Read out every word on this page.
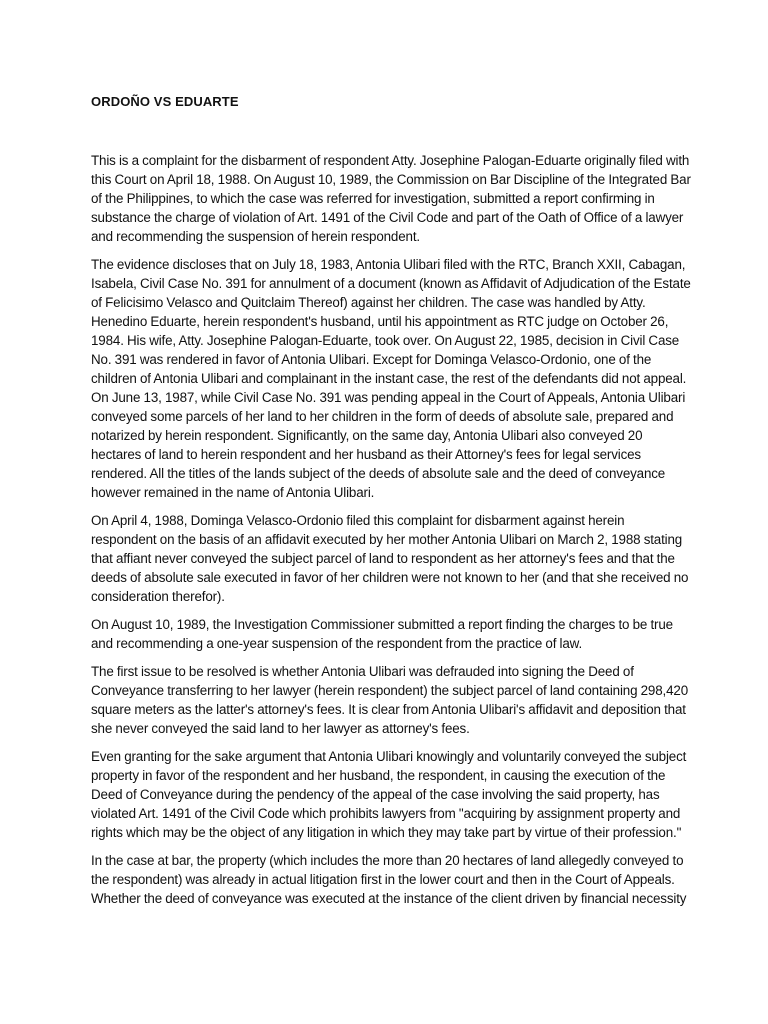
ORDOÑO VS EDUARTE

This is a complaint for the disbarment of respondent Atty. Josephine Palogan-Eduarte originally filed with this Court on April 18, 1988. On August 10, 1989, the Commission on Bar Discipline of the Integrated Bar of the Philippines, to which the case was referred for investigation, submitted a report confirming in substance the charge of violation of Art. 1491 of the Civil Code and part of the Oath of Office of a lawyer and recommending the suspension of herein respondent.

The evidence discloses that on July 18, 1983, Antonia Ulibari filed with the RTC, Branch XXII, Cabagan, Isabela, Civil Case No. 391 for annulment of a document (known as Affidavit of Adjudication of the Estate of Felicisimo Velasco and Quitclaim Thereof) against her children. The case was handled by Atty. Henedino Eduarte, herein respondent's husband, until his appointment as RTC judge on October 26, 1984. His wife, Atty. Josephine Palogan-Eduarte, took over. On August 22, 1985, decision in Civil Case No. 391 was rendered in favor of Antonia Ulibari. Except for Dominga Velasco-Ordonio, one of the children of Antonia Ulibari and complainant in the instant case, the rest of the defendants did not appeal. On June 13, 1987, while Civil Case No. 391 was pending appeal in the Court of Appeals, Antonia Ulibari conveyed some parcels of her land to her children in the form of deeds of absolute sale, prepared and notarized by herein respondent. Significantly, on the same day, Antonia Ulibari also conveyed 20 hectares of land to herein respondent and her husband as their Attorney's fees for legal services rendered. All the titles of the lands subject of the deeds of absolute sale and the deed of conveyance however remained in the name of Antonia Ulibari.

On April 4, 1988, Dominga Velasco-Ordonio filed this complaint for disbarment against herein respondent on the basis of an affidavit executed by her mother Antonia Ulibari on March 2, 1988 stating that affiant never conveyed the subject parcel of land to respondent as her attorney's fees and that the deeds of absolute sale executed in favor of her children were not known to her (and that she received no consideration therefor).

On August 10, 1989, the Investigation Commissioner submitted a report finding the charges to be true and recommending a one-year suspension of the respondent from the practice of law.

The first issue to be resolved is whether Antonia Ulibari was defrauded into signing the Deed of Conveyance transferring to her lawyer (herein respondent) the subject parcel of land containing 298,420 square meters as the latter's attorney's fees. It is clear from Antonia Ulibari's affidavit and deposition that she never conveyed the said land to her lawyer as attorney's fees.

Even granting for the sake argument that Antonia Ulibari knowingly and voluntarily conveyed the subject property in favor of the respondent and her husband, the respondent, in causing the execution of the Deed of Conveyance during the pendency of the appeal of the case involving the said property, has violated Art. 1491 of the Civil Code which prohibits lawyers from "acquiring by assignment property and rights which may be the object of any litigation in which they may take part by virtue of their profession."

In the case at bar, the property (which includes the more than 20 hectares of land allegedly conveyed to the respondent) was already in actual litigation first in the lower court and then in the Court of Appeals. Whether the deed of conveyance was executed at the instance of the client driven by financial necessity
